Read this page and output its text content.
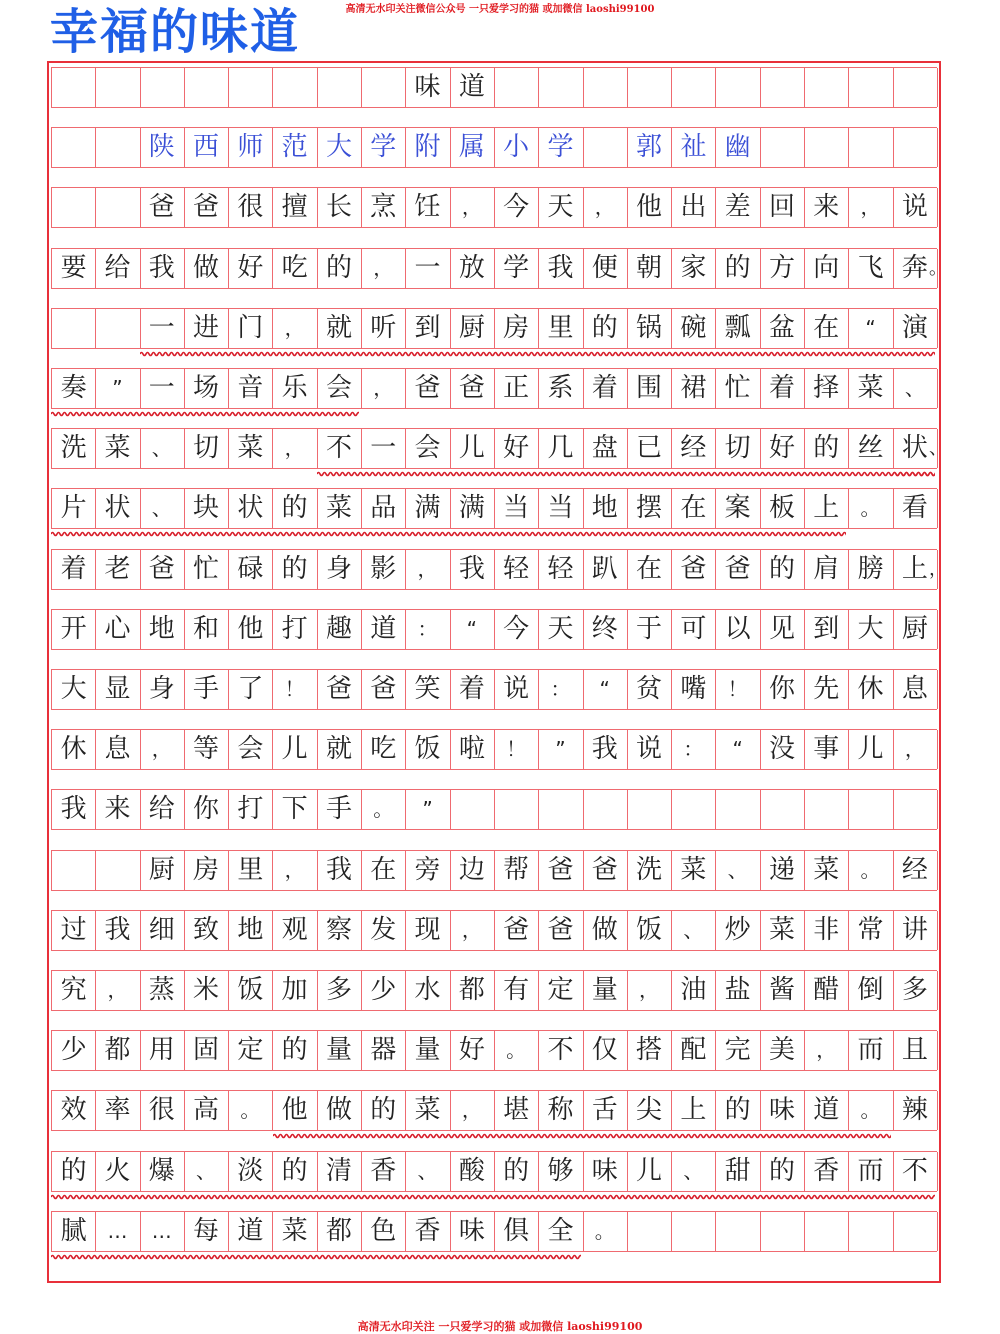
幸福的味道	高清无水印关注微信公众号 一只爱学习的猫 或加微信 laoshi99100
味 道
陕 西 师 范 大 学 附 属 小 学	郭 祉 幽
爸 爸 很 擅 长 烹 饪	， 今 天	， 他 出 差 回 来	， 说
要 给 我 做 好 吃 的	， 一 放 学 我 便 朝 家 的 方 向 飞 奔 。
一 进 门	， 就 听 到 厨 房 里 的 锅 碗 瓢 盆 在	“	演
奏	”	一 场 音 乐 会	， 爸 爸 正 系 着 围 裙 忙 着 择 菜	、
洗 菜	、 切 菜	， 不 一 会 儿 好 几 盘 已 经 切 好 的 丝 状 、
片 状	、 块 状 的 菜 品 满 满 当 当 地 摆 在 案 板 上	。 看
着 老 爸 忙 碌 的 身 影	， 我 轻 轻 趴 在 爸 爸 的 肩 膀 上 ，
开 心 地 和 他 打 趣 道	：	“	今 天 终 于 可 以 见 到 大 厨
大 显 身 手 了	！ 爸 爸 笑 着 说	：	“	贫 嘴	！ 你 先 休 息
休 息	， 等 会 儿 就 吃 饭 啦	！	”	我 说	：	“	没 事 儿	，
我 来 给 你 打 下 手	。	”
厨 房 里	， 我 在 旁 边 帮 爸 爸 洗 菜	、 递 菜	。 经
过 我 细 致 地 观 察 发 现	， 爸 爸 做 饭	、 炒 菜 非 常 讲
究	， 蒸 米 饭 加 多 少 水 都 有 定 量	， 油 盐 酱 醋 倒 多
少 都 用 固 定 的 量 器 量 好	。 不 仅 搭 配 完 美	， 而 且
效 率 很 高	。 他 做 的 菜	， 堪 称 舌 尖 上 的 味 道	。 辣
的 火 爆	、 淡 的 清 香	、 酸 的 够 味 儿	、 甜 的 香 而 不
腻	…	… 每 道 菜 都 色 香 味 俱 全	。
高清无水印关注 一只爱学习的猫 或加微信 laoshi99100
